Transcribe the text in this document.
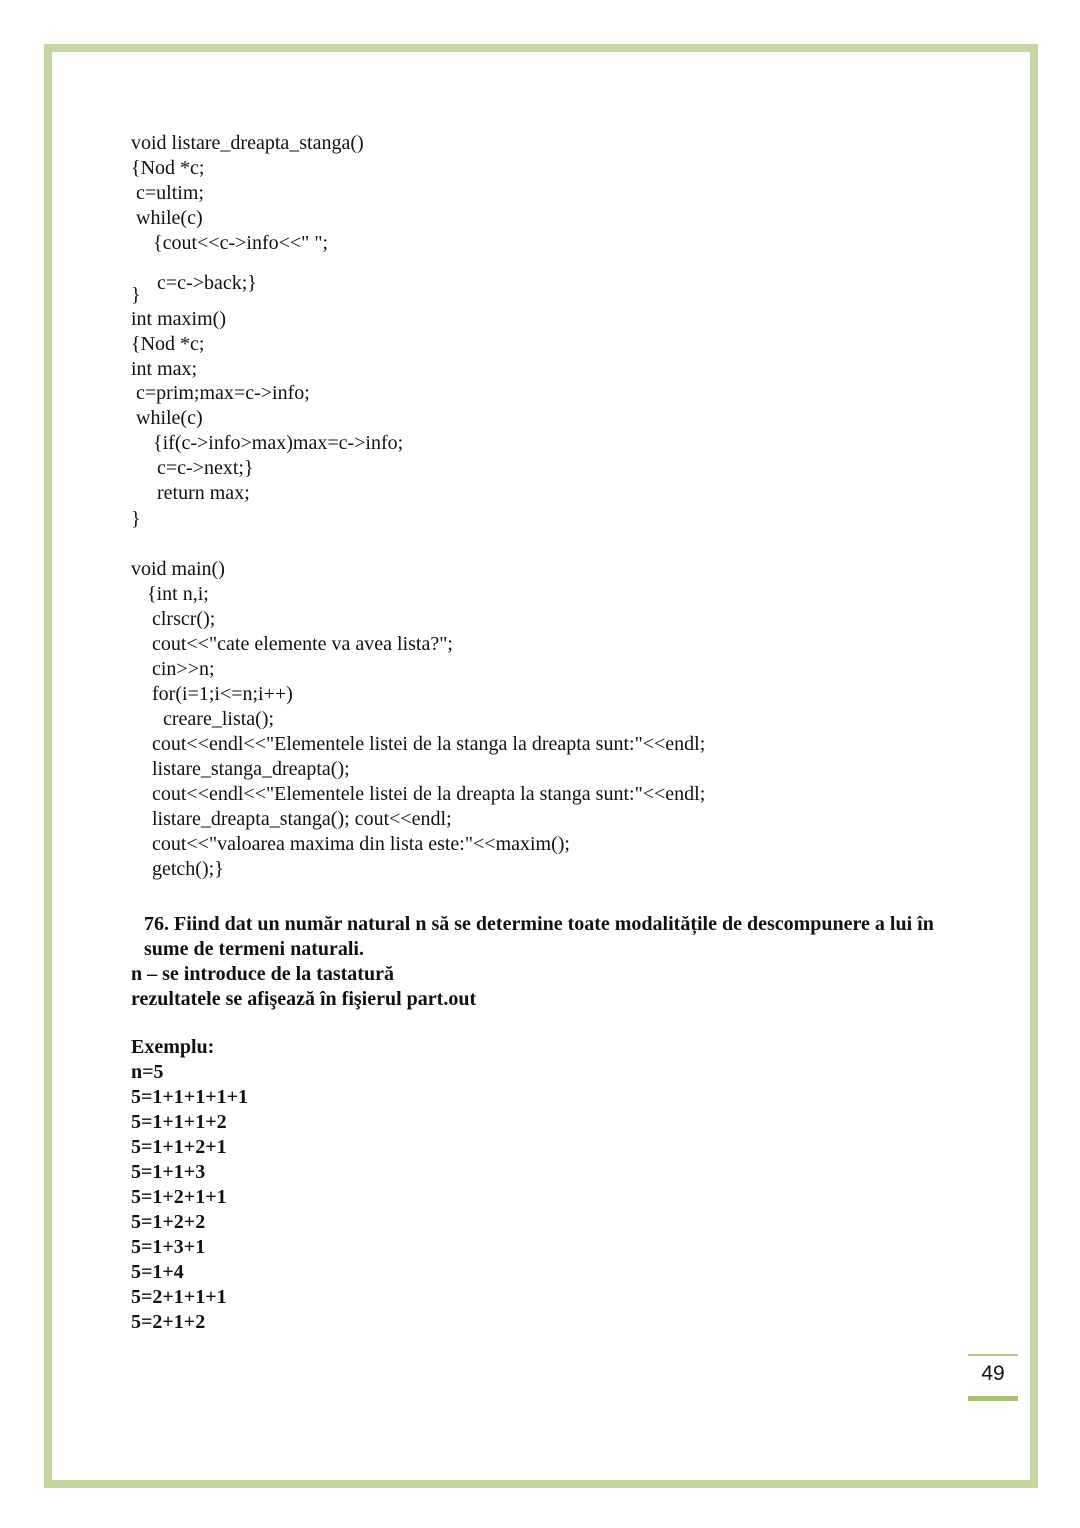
void listare_dreapta_stanga()
{Nod *c;
c=ultim;
while(c)
{cout<<c->info<<" ";
c=c->back;}
}
int maxim()
{Nod *c;
int max;
c=prim;max=c->info;
while(c)
{if(c->info>max)max=c->info;
c=c->next;}
return max;
}
void main()
{int n,i;
clrscr();
cout<<"cate elemente va avea lista?";
cin>>n;
for(i=1;i<=n;i++)
creare_lista();
cout<<endl<<"Elementele listei de la stanga la dreapta sunt:"<<endl;
listare_stanga_dreapta();
cout<<endl<<"Elementele listei de la dreapta la stanga sunt:"<<endl;
listare_dreapta_stanga(); cout<<endl;
cout<<"valoarea maxima din lista este:"<<maxim();
getch();}
76. Fiind dat un număr natural n să se determine toate modalitățile de descompunere a lui în
sume de termeni naturali.
n – se introduce de la tastatură
rezultatele se afişează în fişierul part.out
Exemplu:
n=5
5=1+1+1+1+1
5=1+1+1+2
5=1+1+2+1
5=1+1+3
5=1+2+1+1
5=1+2+2
5=1+3+1
5=1+4
5=2+1+1+1
5=2+1+2
49
